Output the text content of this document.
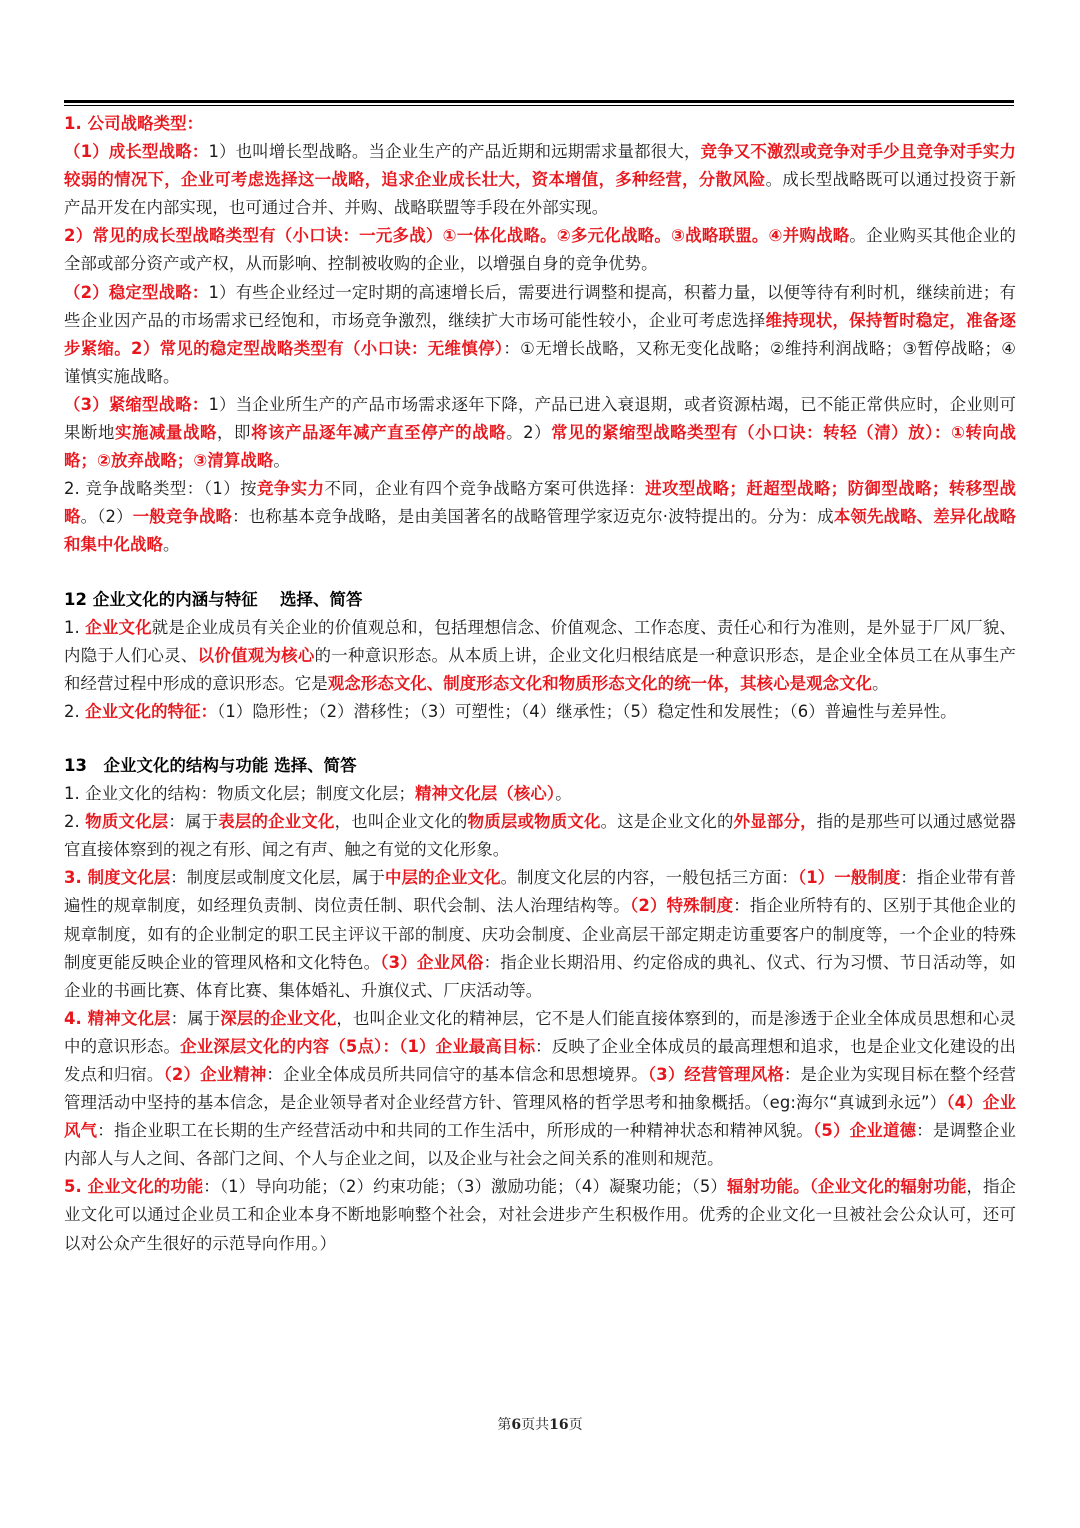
1. 公司战略类型：

（1）成长型战略：1）也叫增长型战略。当企业生产的产品近期和远期需求量都很大，竞争又不激烈或竞争对手少且竞争对手实力较弱的情况下，企业可考虑选择这一战略，追求企业成长壮大，资本增值，多种经营，分散风险。成长型战略既可以通过投资于新产品开发在内部实现，也可通过合并、并购、战略联盟等手段在外部实现。

2）常见的成长型战略类型有（小口诀：一元多战）①一体化战略。②多元化战略。③战略联盟。④并购战略。企业购买其他企业的全部或部分资产或产权，从而影响、控制被收购的企业，以增强自身的竞争优势。

（2）稳定型战略：1）有些企业经过一定时期的高速增长后，需要进行调整和提高，积蓄力量，以便等待有利时机，继续前进；有些企业因产品的市场需求已经饱和，市场竞争激烈，继续扩大市场可能性较小，企业可考虑选择维持现状，保持暂时稳定，准备逐步紧缩。2）常见的稳定型战略类型有（小口诀：无维慎停）：①无增长战略，又称无变化战略；②维持利润战略；③暂停战略；④谨慎实施战略。

（3）紧缩型战略：1）当企业所生产的产品市场需求逐年下降，产品已进入衰退期，或者资源枯竭，已不能正常供应时，企业则可果断地实施减量战略，即将该产品逐年减产直至停产的战略。2）常见的紧缩型战略类型有（小口诀：转轻（清）放）：①转向战略；②放弃战略；③清算战略。

2. 竞争战略类型：（1）按竞争实力不同，企业有四个竞争战略方案可供选择：进攻型战略；赶超型战略；防御型战略；转移型战略。（2）一般竞争战略：也称基本竞争战略，是由美国著名的战略管理学家迈克尔·波特提出的。分为：成本领先战略、差异化战略和集中化战略。

12 企业文化的内涵与特征　 选择、简答

1. 企业文化就是企业成员有关企业的价值观总和，包括理想信念、价值观念、工作态度、责任心和行为准则，是外显于厂风厂貌、内隐于人们心灵、以价值观为核心的一种意识形态。从本质上讲，企业文化归根结底是一种意识形态，是企业全体员工在从事生产和经营过程中形成的意识形态。它是观念形态文化、制度形态文化和物质形态文化的统一体，其核心是观念文化。

2. 企业文化的特征：（1）隐形性；（2）潜移性；（3）可塑性；（4）继承性；（5）稳定性和发展性；（6）普遍性与差异性。

13　企业文化的结构与功能 选择、简答

1. 企业文化的结构：物质文化层；制度文化层；精神文化层（核心）。

2. 物质文化层：属于表层的企业文化，也叫企业文化的物质层或物质文化。这是企业文化的外显部分，指的是那些可以通过感觉器官直接体察到的视之有形、闻之有声、触之有觉的文化形象。

3. 制度文化层：制度层或制度文化层，属于中层的企业文化。制度文化层的内容，一般包括三方面：（1）一般制度：指企业带有普遍性的规章制度，如经理负责制、岗位责任制、职代会制、法人治理结构等。（2）特殊制度：指企业所特有的、区别于其他企业的规章制度，如有的企业制定的职工民主评议干部的制度、庆功会制度、企业高层干部定期走访重要客户的制度等，一个企业的特殊制度更能反映企业的管理风格和文化特色。（3）企业风俗：指企业长期沿用、约定俗成的典礼、仪式、行为习惯、节日活动等，如企业的书画比赛、体育比赛、集体婚礼、升旗仪式、厂庆活动等。

4. 精神文化层：属于深层的企业文化，也叫企业文化的精神层，它不是人们能直接体察到的，而是渗透于企业全体成员思想和心灵中的意识形态。企业深层文化的内容（5点）：（1）企业最高目标：反映了企业全体成员的最高理想和追求，也是企业文化建设的出发点和归宿。（2）企业精神：企业全体成员所共同信守的基本信念和思想境界。（3）经营管理风格：是企业为实现目标在整个经营管理活动中坚持的基本信念，是企业领导者对企业经营方针、管理风格的哲学思考和抽象概括。（eg:海尔“真诚到永远”）（4）企业风气：指企业职工在长期的生产经营活动中和共同的工作生活中，所形成的一种精神状态和精神风貌。（5）企业道德：是调整企业内部人与人之间、各部门之间、个人与企业之间，以及企业与社会之间关系的准则和规范。

5. 企业文化的功能：（1）导向功能；（2）约束功能；（3）激励功能；（4）凝聚功能；（5）辐射功能。（企业文化的辐射功能，指企业文化可以通过企业员工和企业本身不断地影响整个社会，对社会进步产生积极作用。优秀的企业文化一旦被社会公众认可，还可以对公众产生很好的示范导向作用。）

第6页共16页
